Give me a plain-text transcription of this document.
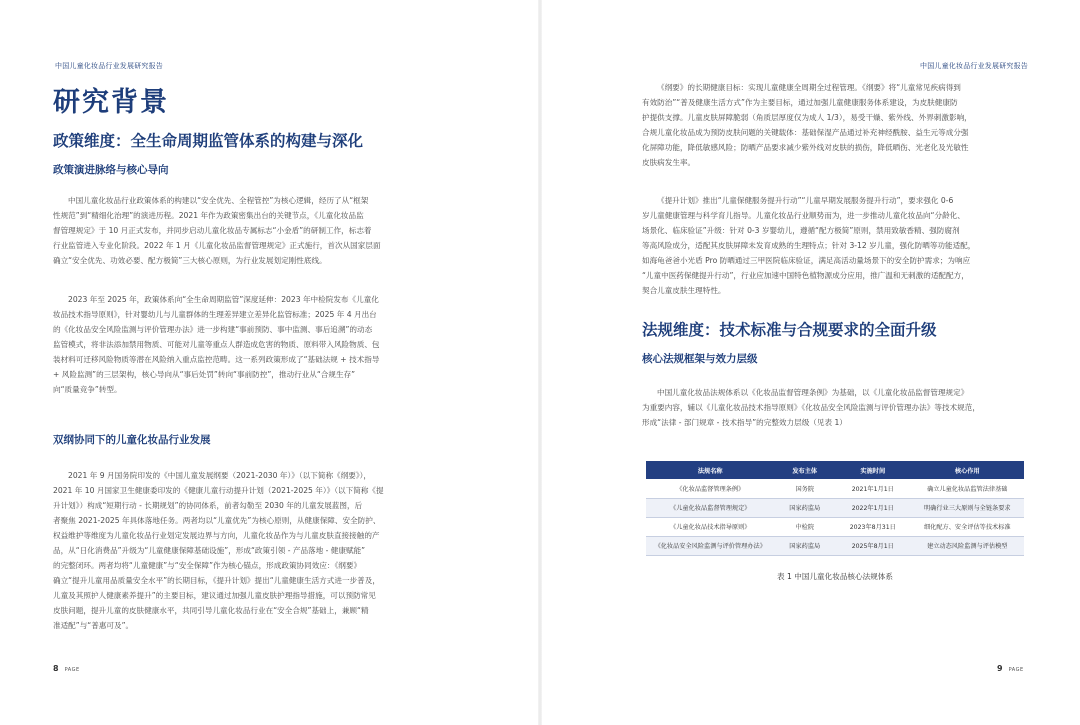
中国儿童化妆品行业发展研究报告
研究背景
政策维度：全生命周期监管体系的构建与深化
政策演进脉络与核心导向
中国儿童化妆品行业政策体系的构建以“安全优先、全程管控”为核心逻辑，经历了从“框架
性规范”到“精细化治理”的演进历程。2021 年作为政策密集出台的关键节点，《儿童化妆品监
督管理规定》于 10 月正式发布，并同步启动儿童化妆品专属标志“小金盾”的研制工作，标志着
行业监管进入专业化阶段。2022 年 1 月《儿童化妆品监督管理规定》正式施行，首次从国家层面
确立“安全优先、功效必要、配方极简”三大核心原则，为行业发展划定刚性底线。
2023 年至 2025 年，政策体系向“全生命周期监管”深度延伸：2023 年中检院发布《儿童化
妆品技术指导原则》，针对婴幼儿与儿童群体的生理差异建立差异化监管标准；2025 年 4 月出台
的《化妆品安全风险监测与评价管理办法》进一步构建“事前预防、事中监测、事后追溯”的动态
监管模式，将非法添加禁用物质、可能对儿童等重点人群造成危害的物质、原料带入风险物质、包
装材料可迁移风险物质等潜在风险纳入重点监控范畴。这一系列政策形成了“基础法规 + 技术指导
+ 风险监测”的三层架构，核心导向从“事后处罚”转向“事前防控”，推动行业从“合规生存”
向“质量竞争”转型。
双纲协同下的儿童化妆品行业发展
2021 年 9 月国务院印发的《中国儿童发展纲要（2021-2030 年）》（以下简称《纲要》），
2021 年 10 月国家卫生健康委印发的《健康儿童行动提升计划（2021-2025 年）》（以下简称《提
升计划》）构成“短期行动 - 长期规划”的协同体系，前者勾勒至 2030 年的儿童发展蓝图，后
者聚焦 2021-2025 年具体落地任务。两者均以“儿童优先”为核心原则，从健康保障、安全防护、
权益维护等维度为儿童化妆品行业划定发展边界与方向，儿童化妆品作为与儿童皮肤直接接触的产
品，从“日化消费品”升级为“儿童健康保障基础设施”，形成“政策引领 - 产品落地 - 健康赋能”
的完整闭环。两者均将“儿童健康”与“安全保障”作为核心锚点，形成政策协同效应：《纲要》
确立“提升儿童用品质量安全水平”的长期目标，《提升计划》提出“儿童健康生活方式进一步普及，
儿童及其照护人健康素养提升”的主要目标，建议通过加强儿童皮肤护理指导措施，可以预防常见
皮肤问题，提升儿童的皮肤健康水平，共同引导儿童化妆品行业在“安全合规”基础上，兼顾“精
准适配”与“普惠可及”。
8 PAGE
中国儿童化妆品行业发展研究报告
《纲要》的长期健康目标：实现儿童健康全周期全过程管理。《纲要》将“儿童常见疾病得到
有效防治”“普及健康生活方式”作为主要目标，通过加强儿童健康服务体系建设，为皮肤健康防
护提供支撑。儿童皮肤屏障脆弱（角质层厚度仅为成人 1/3），易受干燥、紫外线、外界刺激影响，
合规儿童化妆品成为预防皮肤问题的关键载体：基础保湿产品通过补充神经酰胺、益生元等成分强
化屏障功能，降低敏感风险；防晒产品要求减少紫外线对皮肤的损伤，降低晒伤、光老化及光敏性
皮肤病发生率。
《提升计划》推出“儿童保健服务提升行动”“儿童早期发展服务提升行动”，要求强化 0-6
岁儿童健康管理与科学育儿指导。儿童化妆品行业顺势而为，进一步推动儿童化妆品向“分龄化、
场景化、临床验证”升级：针对 0-3 岁婴幼儿，遵循“配方极简”原则，禁用致敏香精、强防腐剂
等高风险成分，适配其皮肤屏障未发育成熟的生理特点；针对 3-12 岁儿童，强化防晒等功能适配，
如海龟爸爸小光盾 Pro 防晒通过三甲医院临床验证，满足高活动量场景下的安全防护需求；为响应
“儿童中医药保健提升行动”，行业应加速中国特色植物源成分应用，推广温和无刺激的适配配方，
契合儿童皮肤生理特性。
法规维度：技术标准与合规要求的全面升级
核心法规框架与效力层级
中国儿童化妆品法规体系以《化妆品监督管理条例》为基础，以《儿童化妆品监督管理规定》
为重要内容，辅以《儿童化妆品技术指导原则》《化妆品安全风险监测与评价管理办法》等技术规范，
形成“法律 - 部门规章 - 技术指导”的完整效力层级（见表 1）
法规名称	发布主体	实施时间	核心作用
《化妆品监督管理条例》	国务院	2021年1月1日	确立儿童化妆品监管法律基础
《儿童化妆品监督管理规定》	国家药监局	2022年1月1日	明确行业三大原则与全链条要求
《儿童化妆品技术指导原则》	中检院	2023年8月31日	细化配方、安全评估等技术标准
《化妆品安全风险监测与评价管理办法》	国家药监局	2025年8月1日	建立动态风险监测与评估模型
表 1 中国儿童化妆品核心法规体系
9 PAGE
